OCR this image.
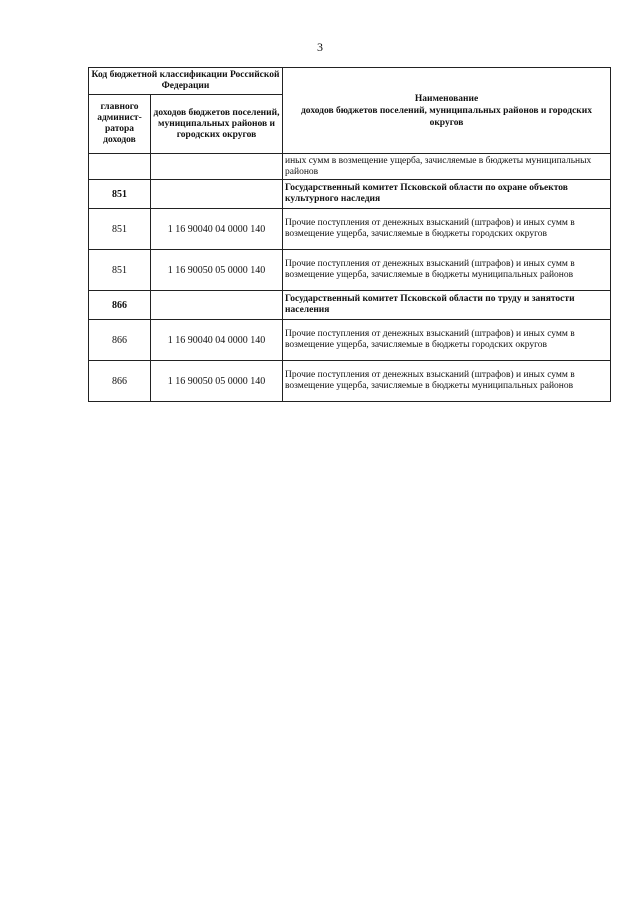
3
Код бюджетной классификации Российской Федерации		Наименование
доходов бюджетов поселений, муниципальных районов и городских округов

главного админист-ратора доходов	доходов бюджетов поселений, муниципальных районов и городских округов	
		иных сумм в возмещение ущерба, зачисляемые в бюджеты муниципальных районов
851		Государственный комитет Псковской области по охране объектов культурного наследия
851	1 16 90040 04 0000 140	Прочие поступления от денежных взысканий (штрафов) и иных сумм в возмещение ущерба, зачисляемые в бюджеты городских округов
851	1 16 90050 05 0000 140	Прочие поступления от денежных взысканий (штрафов) и иных сумм в возмещение ущерба, зачисляемые в бюджеты муниципальных районов
866		Государственный комитет Псковской области по труду и занятости населения
866	1 16 90040 04 0000 140	Прочие поступления от денежных взысканий (штрафов) и иных сумм в возмещение ущерба, зачисляемые в бюджеты городских округов
866	1 16 90050 05 0000 140	Прочие поступления от денежных взысканий (штрафов) и иных сумм в возмещение ущерба, зачисляемые в бюджеты муниципальных районов
